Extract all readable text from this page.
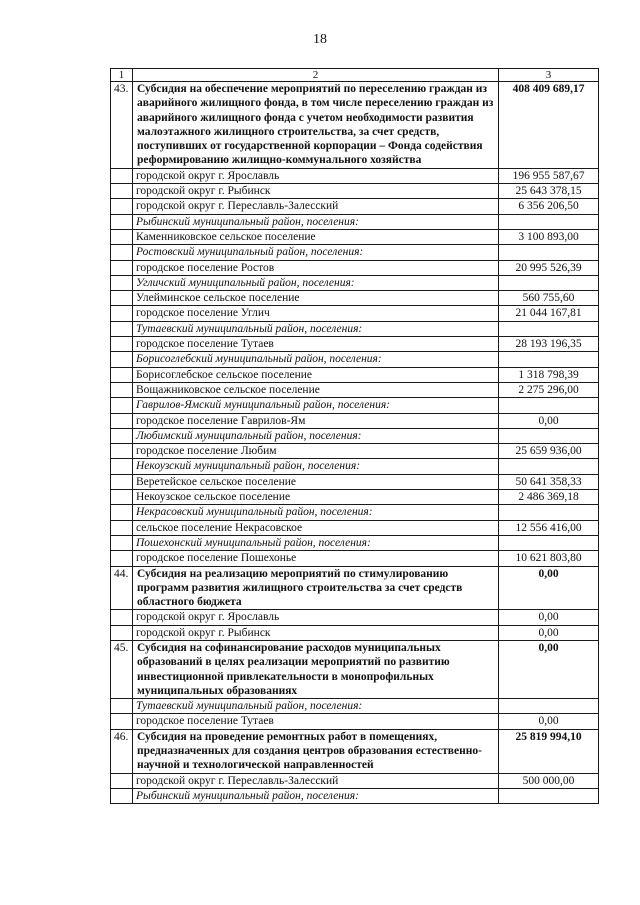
18
1	2	3
43.	Субсидия на обеспечение мероприятий по переселению граждан из аварийного жилищного фонда, в том числе переселению граждан из аварийного жилищного фонда с учетом необходимости развития малоэтажного жилищного строительства, за счет средств, поступивших от государственной корпорации – Фонда содействия реформированию жилищно-коммунального хозяйства	408 409 689,17
	городской округ г. Ярославль	196 955 587,67
	городской округ г. Рыбинск	25 643 378,15
	городской округ г. Переславль-Залесский	6 356 206,50
	Рыбинский муниципальный район, поселения:	
	Каменниковское сельское поселение	3 100 893,00
	Ростовский муниципальный район, поселения:	
	городское поселение Ростов	20 995 526,39
	Угличский муниципальный район, поселения:	
	Улейминское сельское поселение	560 755,60
	городское поселение Углич	21 044 167,81
	Тутаевский муниципальный район, поселения:	
	городское поселение Тутаев	28 193 196,35
	Борисоглебский муниципальный район, поселения:	
	Борисоглебское сельское поселение	1 318 798,39
	Вощажниковское сельское поселение	2 275 296,00
	Гаврилов-Ямский муниципальный район, поселения:	
	городское поселение Гаврилов-Ям	0,00
	Любимский муниципальный район, поселения:	
	городское поселение Любим	25 659 936,00
	Некоузский муниципальный район, поселения:	
	Веретейское сельское поселение	50 641 358,33
	Некоузское сельское поселение	2 486 369,18
	Некрасовский муниципальный район, поселения:	
	сельское поселение Некрасовское	12 556 416,00
	Пошехонский муниципальный район, поселения:	
	городское поселение Пошехонье	10 621 803,80
44.	Субсидия на реализацию мероприятий по стимулированию программ развития жилищного строительства за счет средств областного бюджета	0,00
	городской округ г. Ярославль	0,00
	городской округ г. Рыбинск	0,00
45.	Субсидия на софинансирование расходов муниципальных образований в целях реализации мероприятий по развитию инвестиционной привлекательности в монопрофильных муниципальных образованиях	0,00
	Тутаевский муниципальный район, поселения:	
	городское поселение Тутаев	0,00
46.	Субсидия на проведение ремонтных работ в помещениях, предназначенных для создания центров образования естественно-научной и технологической направленностей	25 819 994,10
	городской округ г. Переславль-Залесский	500 000,00
	Рыбинский муниципальный район, поселения:	
